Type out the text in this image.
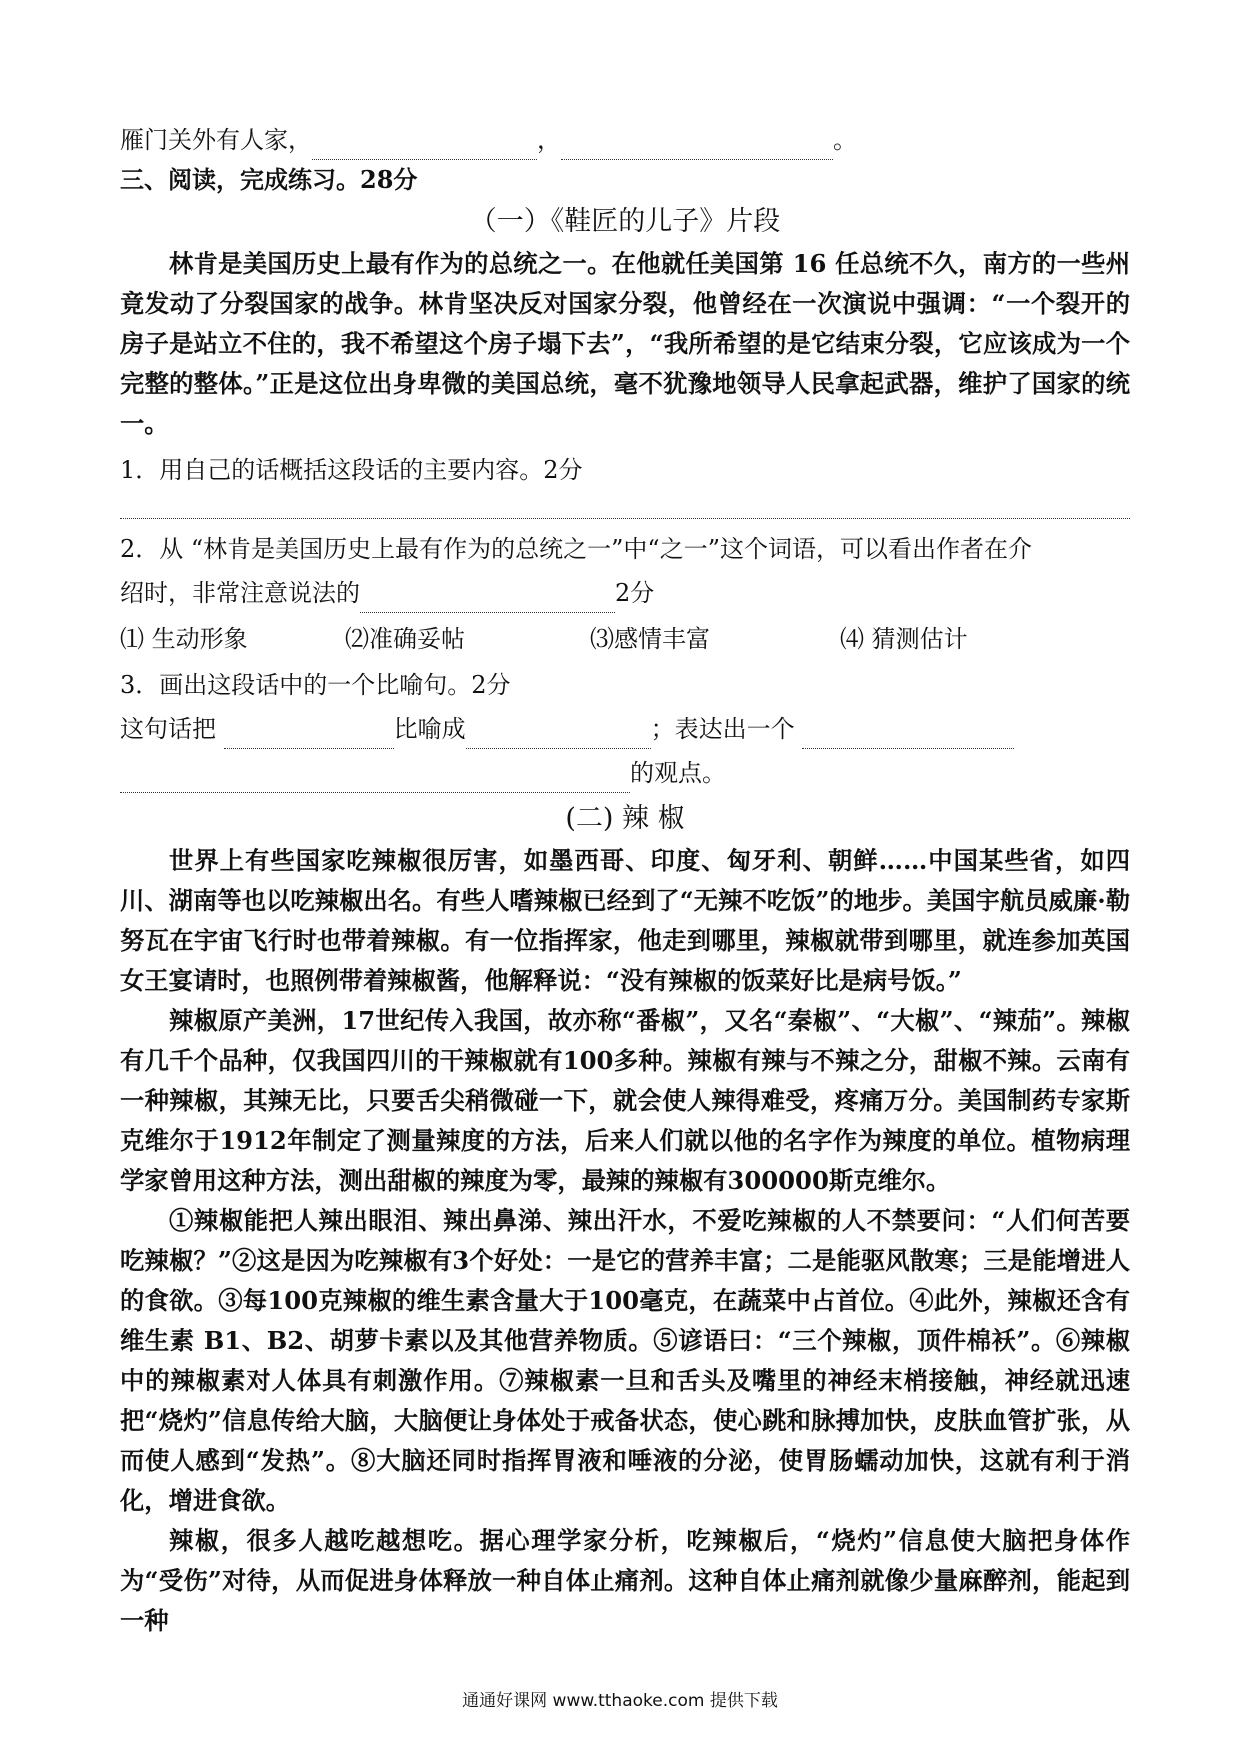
雁门关外有人家，	，	。
三、阅读，完成练习。28分
（一）《鞋匠的儿子》片段
林肯是美国历史上最有作为的总统之一。在他就任美国第 16 任总统不久，南方的一些州竟发动了分裂国家的战争。林肯坚决反对国家分裂，他曾经在一次演说中强调：“一个裂开的房子是站立不住的，我不希望这个房子塌下去”，“我所希望的是它结束分裂，它应该成为一个完整的整体。”正是这位出身卑微的美国总统，毫不犹豫地领导人民拿起武器，维护了国家的统一。
1．用自己的话概括这段话的主要内容。2分
2．从 “林肯是美国历史上最有作为的总统之一”中“之一”这个词语，可以看出作者在介
绍时，非常注意说法的	2分
⑴ 生动形象	⑵准确妥帖	⑶感情丰富	⑷ 猜测估计
3．画出这段话中的一个比喻句。2分
这句话把	比喻成	；表达出一个
的观点。
(二) 辣 椒
世界上有些国家吃辣椒很厉害，如墨西哥、印度、匈牙利、朝鲜……中国某些省，如四川、湖南等也以吃辣椒出名。有些人嗜辣椒已经到了“无辣不吃饭”的地步。美国宇航员威廉·勒努瓦在宇宙飞行时也带着辣椒。有一位指挥家，他走到哪里，辣椒就带到哪里，就连参加英国女王宴请时，也照例带着辣椒酱，他解释说：“没有辣椒的饭菜好比是病号饭。”
辣椒原产美洲，17世纪传入我国，故亦称“番椒”，又名“秦椒”、“大椒”、“辣茄”。辣椒有几千个品种，仅我国四川的干辣椒就有100多种。辣椒有辣与不辣之分，甜椒不辣。云南有一种辣椒，其辣无比，只要舌尖稍微碰一下，就会使人辣得难受，疼痛万分。美国制药专家斯克维尔于1912年制定了测量辣度的方法，后来人们就以他的名字作为辣度的单位。植物病理学家曾用这种方法，测出甜椒的辣度为零，最辣的辣椒有300000斯克维尔。
①辣椒能把人辣出眼泪、辣出鼻涕、辣出汗水，不爱吃辣椒的人不禁要问：“人们何苦要吃辣椒？”②这是因为吃辣椒有3个好处：一是它的营养丰富；二是能驱风散寒；三是能增进人的食欲。③每100克辣椒的维生素含量大于100毫克，在蔬菜中占首位。④此外，辣椒还含有维生素 B1、B2、胡萝卡素以及其他营养物质。⑤谚语曰：“三个辣椒，顶件棉袄”。⑥辣椒中的辣椒素对人体具有刺激作用。⑦辣椒素一旦和舌头及嘴里的神经末梢接触，神经就迅速把“烧灼”信息传给大脑，大脑便让身体处于戒备状态，使心跳和脉搏加快，皮肤血管扩张，从而使人感到“发热”。⑧大脑还同时指挥胃液和唾液的分泌，使胃肠蠕动加快，这就有利于消化，增进食欲。
辣椒，很多人越吃越想吃。据心理学家分析，吃辣椒后，“烧灼”信息使大脑把身体作为“受伤”对待，从而促进身体释放一种自体止痛剂。这种自体止痛剂就像少量麻醉剂，能起到一种
通通好课网 www.tthaoke.com 提供下载
